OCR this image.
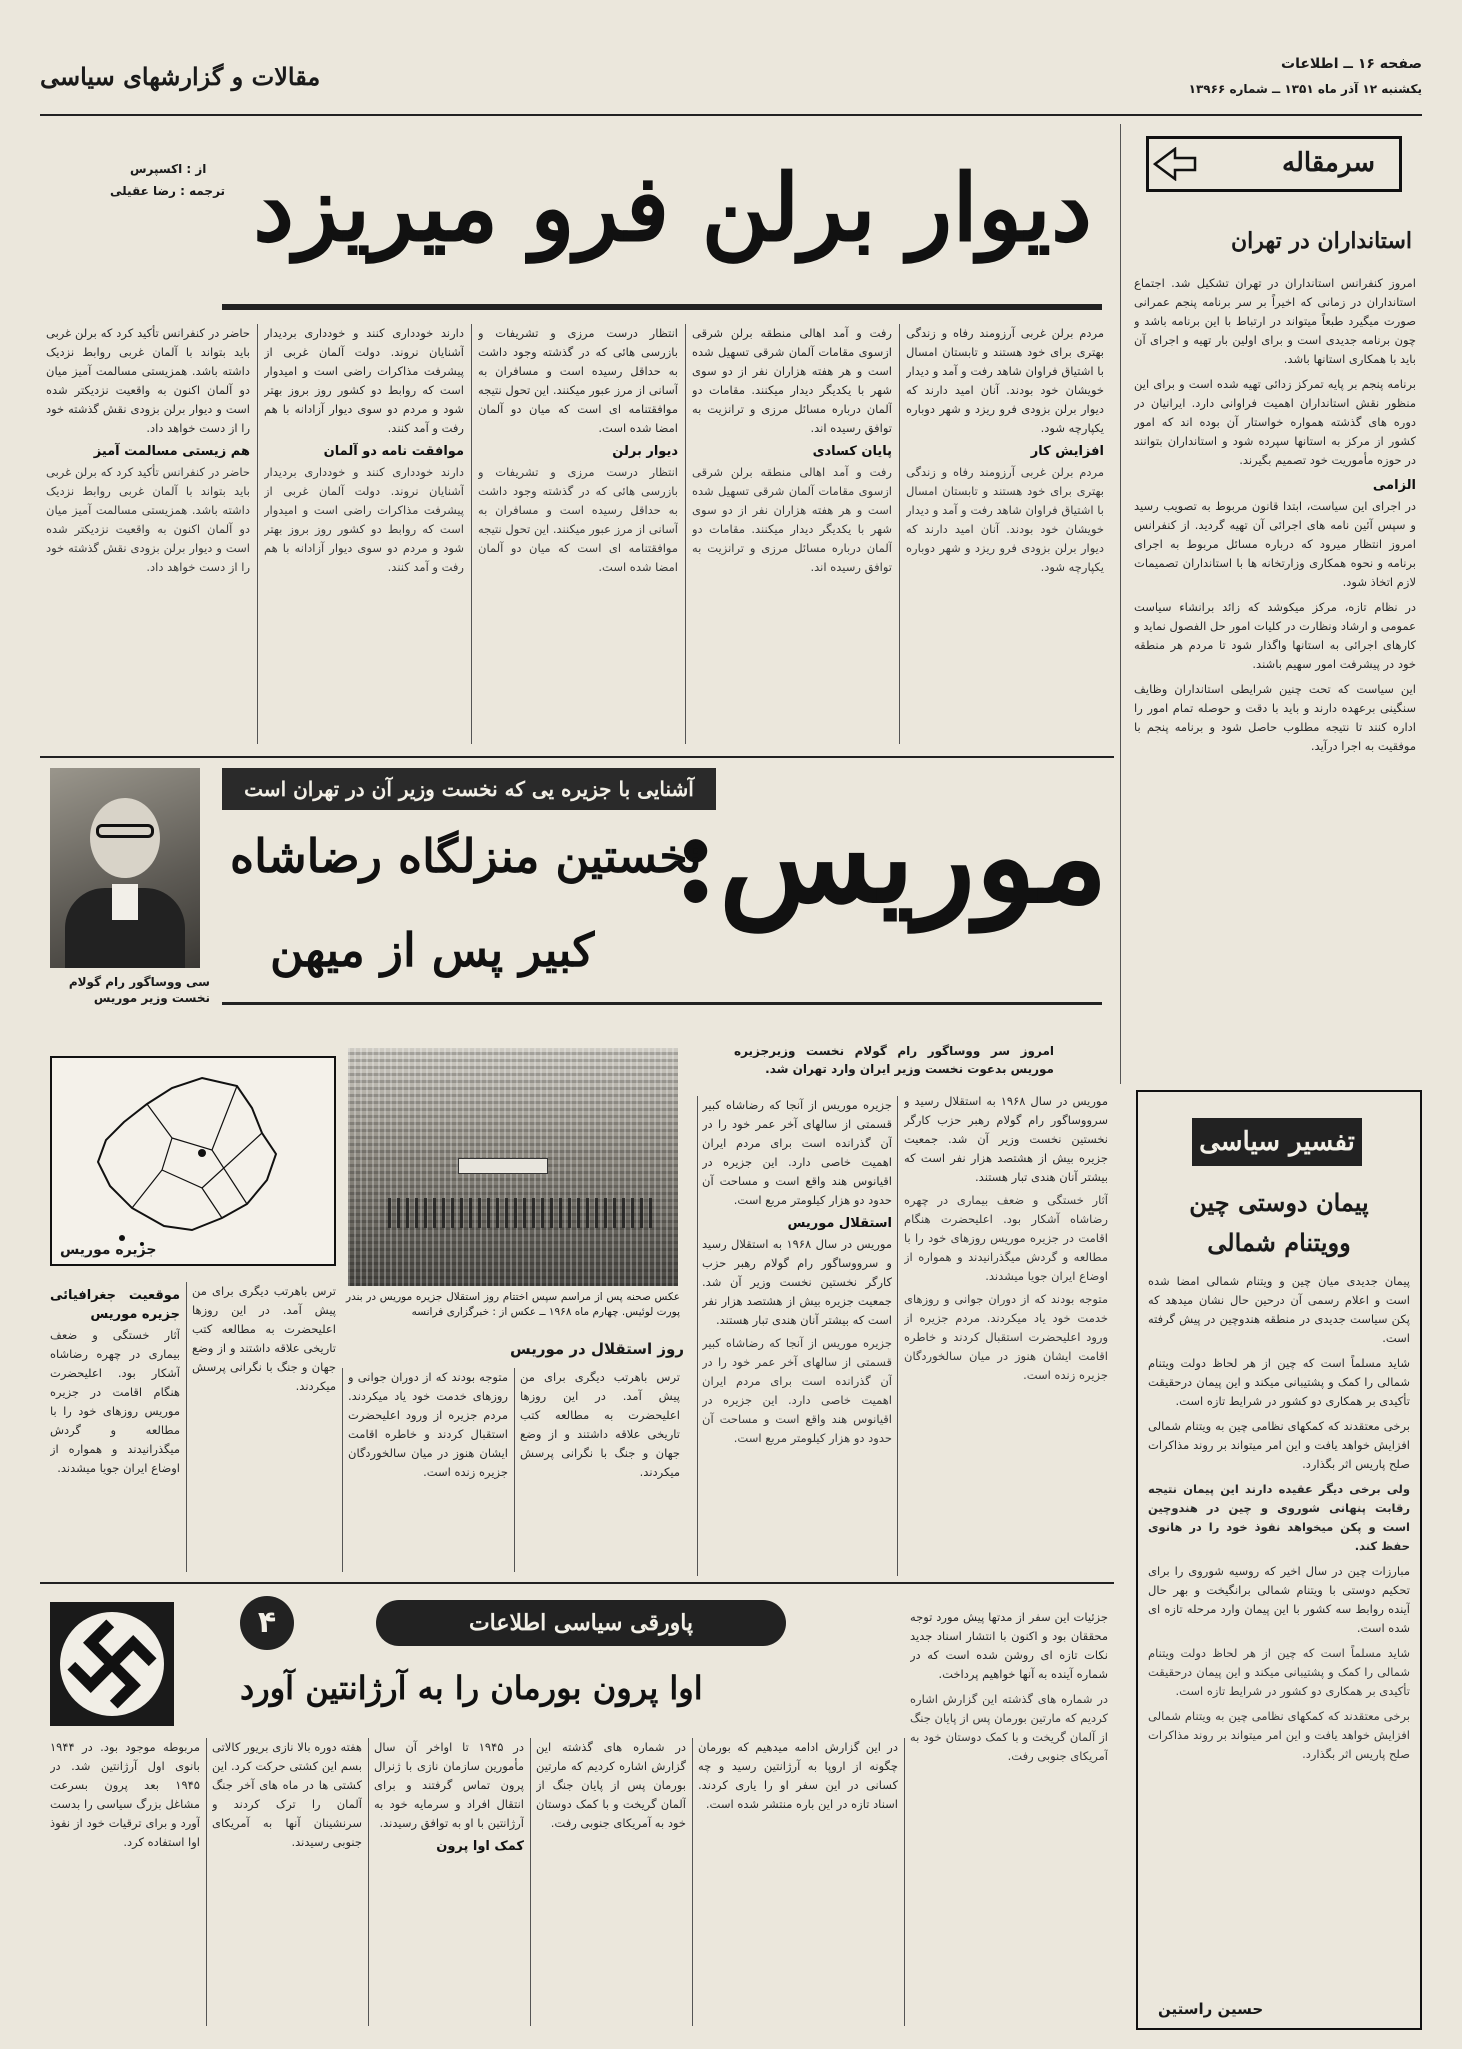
صفحه ۱۶ ــ اطلاعات
یکشنبه ۱۲ آذر ماه ۱۳۵۱ ــ شماره ۱۳۹۶۶
مقالات و گزارشهای سیاسی
سرمقاله
استانداران در تهران

امروز کنفرانس استانداران در تهران تشکیل شد. اجتماع استانداران در زمانی که اخیراً بر سر برنامه پنجم عمرانی صورت میگیرد طبعاً میتواند در ارتباط با این برنامه باشد و چون برنامه جدیدی است و برای اولین بار تهیه و اجرای آن باید با همکاری استانها باشد.

برنامه پنجم بر پایه تمرکز زدائی تهیه شده است و برای این منظور نقش استانداران اهمیت فراوانی دارد. ایرانیان در دوره های گذشته همواره خواستار آن بوده اند که امور کشور از مرکز به استانها سپرده شود و استانداران بتوانند در حوزه مأموریت خود تصمیم بگیرند.

الزامی

در اجرای این سیاست، ابتدا قانون مربوط به تصویب رسید و سپس آئین نامه های اجرائی آن تهیه گردید. از کنفرانس امروز انتظار میرود که درباره مسائل مربوط به اجرای برنامه و نحوه همکاری وزارتخانه ها با استانداران تصمیمات لازم اتخاذ شود.

در نظام تازه، مرکز میکوشد که زائد برانشاء سیاست عمومی و ارشاد ونظارت در کلیات امور حل الفصول نماید و کارهای اجرائی به استانها واگذار شود تا مردم هر منطقه خود در پیشرفت امور سهیم باشند.

این سیاست که تحت چنین شرایطی استانداران وظایف سنگینی برعهده دارند و باید با دقت و حوصله تمام امور را اداره کنند تا نتیجه مطلوب حاصل شود و برنامه پنجم با موفقیت به اجرا درآید.

از : اکسپرس
ترجمه : رضا عقیلی دیوار برلن فرو میریزد

مردم برلن غربی آرزومند رفاه و زندگی بهتری برای خود هستند و تابستان امسال با اشتیاق فراوان شاهد رفت و آمد و دیدار خویشان خود بودند. آنان امید دارند که دیوار برلن بزودی فرو ریزد و شهر دوباره یکپارچه شود.

افزایش کار

مردم برلن غربی آرزومند رفاه و زندگی بهتری برای خود هستند و تابستان امسال با اشتیاق فراوان شاهد رفت و آمد و دیدار خویشان خود بودند. آنان امید دارند که دیوار برلن بزودی فرو ریزد و شهر دوباره یکپارچه شود.

رفت و آمد اهالی منطقه برلن شرقی ازسوی مقامات آلمان شرقی تسهیل شده است و هر هفته هزاران نفر از دو سوی شهر با یکدیگر دیدار میکنند. مقامات دو آلمان درباره مسائل مرزی و ترانزیت به توافق رسیده اند.

پایان کسادی

رفت و آمد اهالی منطقه برلن شرقی ازسوی مقامات آلمان شرقی تسهیل شده است و هر هفته هزاران نفر از دو سوی شهر با یکدیگر دیدار میکنند. مقامات دو آلمان درباره مسائل مرزی و ترانزیت به توافق رسیده اند.

انتظار درست مرزی و تشریفات و بازرسی هائی که در گذشته وجود داشت به حداقل رسیده است و مسافران به آسانی از مرز عبور میکنند. این تحول نتیجه موافقتنامه ای است که میان دو آلمان امضا شده است.

دیوار برلن

انتظار درست مرزی و تشریفات و بازرسی هائی که در گذشته وجود داشت به حداقل رسیده است و مسافران به آسانی از مرز عبور میکنند. این تحول نتیجه موافقتنامه ای است که میان دو آلمان امضا شده است.

دارند خودداری کنند و خودداری بردیدار آشنایان نروند. دولت آلمان غربی از پیشرفت مذاکرات راضی است و امیدوار است که روابط دو کشور روز بروز بهتر شود و مردم دو سوی دیوار آزادانه با هم رفت و آمد کنند.

موافقت نامه دو آلمان

دارند خودداری کنند و خودداری بردیدار آشنایان نروند. دولت آلمان غربی از پیشرفت مذاکرات راضی است و امیدوار است که روابط دو کشور روز بروز بهتر شود و مردم دو سوی دیوار آزادانه با هم رفت و آمد کنند.

حاضر در کنفرانس تأکید کرد که برلن غربی باید بتواند با آلمان غربی روابط نزدیک داشته باشد. همزیستی مسالمت آمیز میان دو آلمان اکنون به واقعیت نزدیکتر شده است و دیوار برلن بزودی نقش گذشته خود را از دست خواهد داد.

هم زیستی مسالمت آمیز

حاضر در کنفرانس تأکید کرد که برلن غربی باید بتواند با آلمان غربی روابط نزدیک داشته باشد. همزیستی مسالمت آمیز میان دو آلمان اکنون به واقعیت نزدیکتر شده است و دیوار برلن بزودی نقش گذشته خود را از دست خواهد داد.

سی ووساگور رام گولام نخست وزیر موریس
آشنایی با جزیره یی که نخست وزیر آن در تهران است
موریس:
نخستین منزلگاه رضاشاه
کبیر پس از میهن
جزیره موریس
عکس صحنه پس از مراسم سپس اختتام روز استقلال جزیره موریس در بندر پورت لوئیس. چهارم ماه ۱۹۶۸ ــ عکس از : خبرگزاری فرانسه
روز استقلال در موریس
امروز سر ووساگور رام گولام نخست وزیرجزیره موریس بدعوت نخست وزیر ایران وارد تهران شد.

جزیره موریس از آنجا که رضاشاه کبیر قسمتی از سالهای آخر عمر خود را در آن گذرانده است برای مردم ایران اهمیت خاصی دارد. این جزیره در اقیانوس هند واقع است و مساحت آن حدود دو هزار کیلومتر مربع است.

استقلال موریس

موریس در سال ۱۹۶۸ به استقلال رسید و سرووساگور رام گولام رهبر حزب کارگر نخستین نخست وزیر آن شد. جمعیت جزیره بیش از هشتصد هزار نفر است که بیشتر آنان هندی تبار هستند.

جزیره موریس از آنجا که رضاشاه کبیر قسمتی از سالهای آخر عمر خود را در آن گذرانده است برای مردم ایران اهمیت خاصی دارد. این جزیره در اقیانوس هند واقع است و مساحت آن حدود دو هزار کیلومتر مربع است.

موریس در سال ۱۹۶۸ به استقلال رسید و سرووساگور رام گولام رهبر حزب کارگر نخستین نخست وزیر آن شد. جمعیت جزیره بیش از هشتصد هزار نفر است که بیشتر آنان هندی تبار هستند.

آثار خستگی و ضعف بیماری در چهره رضاشاه آشکار بود. اعلیحضرت هنگام اقامت در جزیره موریس روزهای خود را با مطالعه و گردش میگذرانیدند و همواره از اوضاع ایران جویا میشدند.

متوجه بودند که از دوران جوانی و روزهای خدمت خود یاد میکردند. مردم جزیره از ورود اعلیحضرت استقبال کردند و خاطره اقامت ایشان هنوز در میان سالخوردگان جزیره زنده است.

موقعیت جغرافیائی جزیره موریس

آثار خستگی و ضعف بیماری در چهره رضاشاه آشکار بود. اعلیحضرت هنگام اقامت در جزیره موریس روزهای خود را با مطالعه و گردش میگذرانیدند و همواره از اوضاع ایران جویا میشدند.

ترس باهرتب دیگری برای من پیش آمد. در این روزها اعلیحضرت به مطالعه کتب تاریخی علاقه داشتند و از وضع جهان و جنگ با نگرانی پرسش میکردند.

متوجه بودند که از دوران جوانی و روزهای خدمت خود یاد میکردند. مردم جزیره از ورود اعلیحضرت استقبال کردند و خاطره اقامت ایشان هنوز در میان سالخوردگان جزیره زنده است.

ترس باهرتب دیگری برای من پیش آمد. در این روزها اعلیحضرت به مطالعه کتب تاریخی علاقه داشتند و از وضع جهان و جنگ با نگرانی پرسش میکردند.

تفسیر سیاسی
پیمان دوستی چین
وویتنام شمالی

پیمان جدیدی میان چین و ویتنام شمالی امضا شده است و اعلام رسمی آن درحین حال نشان میدهد که پکن سیاست جدیدی در منطقه هندوچین در پیش گرفته است.

شاید مسلماً است که چین از هر لحاظ دولت ویتنام شمالی را کمک و پشتیبانی میکند و این پیمان درحقیقت تأکیدی بر همکاری دو کشور در شرایط تازه است.

برخی معتقدند که کمکهای نظامی چین به ویتنام شمالی افزایش خواهد یافت و این امر میتواند بر روند مذاکرات صلح پاریس اثر بگذارد.

ولی برخی دیگر عقیده دارند این پیمان نتیجه رقابت پنهانی شوروی و چین در هندوچین است و پکن میخواهد نفوذ خود را در هانوی حفظ کند.

مبارزات چین در سال اخیر که روسیه شوروی را برای تحکیم دوستی با ویتنام شمالی برانگیخت و بهر حال آینده روابط سه کشور با این پیمان وارد مرحله تازه ای شده است.

شاید مسلماً است که چین از هر لحاظ دولت ویتنام شمالی را کمک و پشتیبانی میکند و این پیمان درحقیقت تأکیدی بر همکاری دو کشور در شرایط تازه است.

برخی معتقدند که کمکهای نظامی چین به ویتنام شمالی افزایش خواهد یافت و این امر میتواند بر روند مذاکرات صلح پاریس اثر بگذارد.

حسین راستین
پاورقی سیاسی اطلاعات
۴
اوا پرون بورمان را به آرژانتین آورد

مربوطه موجود بود. در ۱۹۴۴ بانوی اول آرژانتین شد. در ۱۹۴۵ بعد پرون بسرعت مشاغل بزرگ سیاسی را بدست آورد و برای ترقیات خود از نفوذ اوا استفاده کرد.

هفته دوره بالا نازی بریور کالاتی بسم این کشتی حرکت کرد. این کشتی ها در ماه های آخر جنگ آلمان را ترک کردند و سرنشینان آنها به آمریکای جنوبی رسیدند.

در ۱۹۴۵ تا اواخر آن سال مأمورین سازمان نازی با ژنرال پرون تماس گرفتند و برای انتقال افراد و سرمایه خود به آرژانتین با او به توافق رسیدند.

کمک اوا پرون

در شماره های گذشته این گزارش اشاره کردیم که مارتین بورمان پس از پایان جنگ از آلمان گریخت و با کمک دوستان خود به آمریکای جنوبی رفت.

در این گزارش ادامه میدهیم که بورمان چگونه از اروپا به آرژانتین رسید و چه کسانی در این سفر او را یاری کردند. اسناد تازه در این باره منتشر شده است.

جزئیات این سفر از مدتها پیش مورد توجه محققان بود و اکنون با انتشار اسناد جدید نکات تازه ای روشن شده است که در شماره آینده به آنها خواهیم پرداخت.

در شماره های گذشته این گزارش اشاره کردیم که مارتین بورمان پس از پایان جنگ از آلمان گریخت و با کمک دوستان خود به آمریکای جنوبی رفت.
